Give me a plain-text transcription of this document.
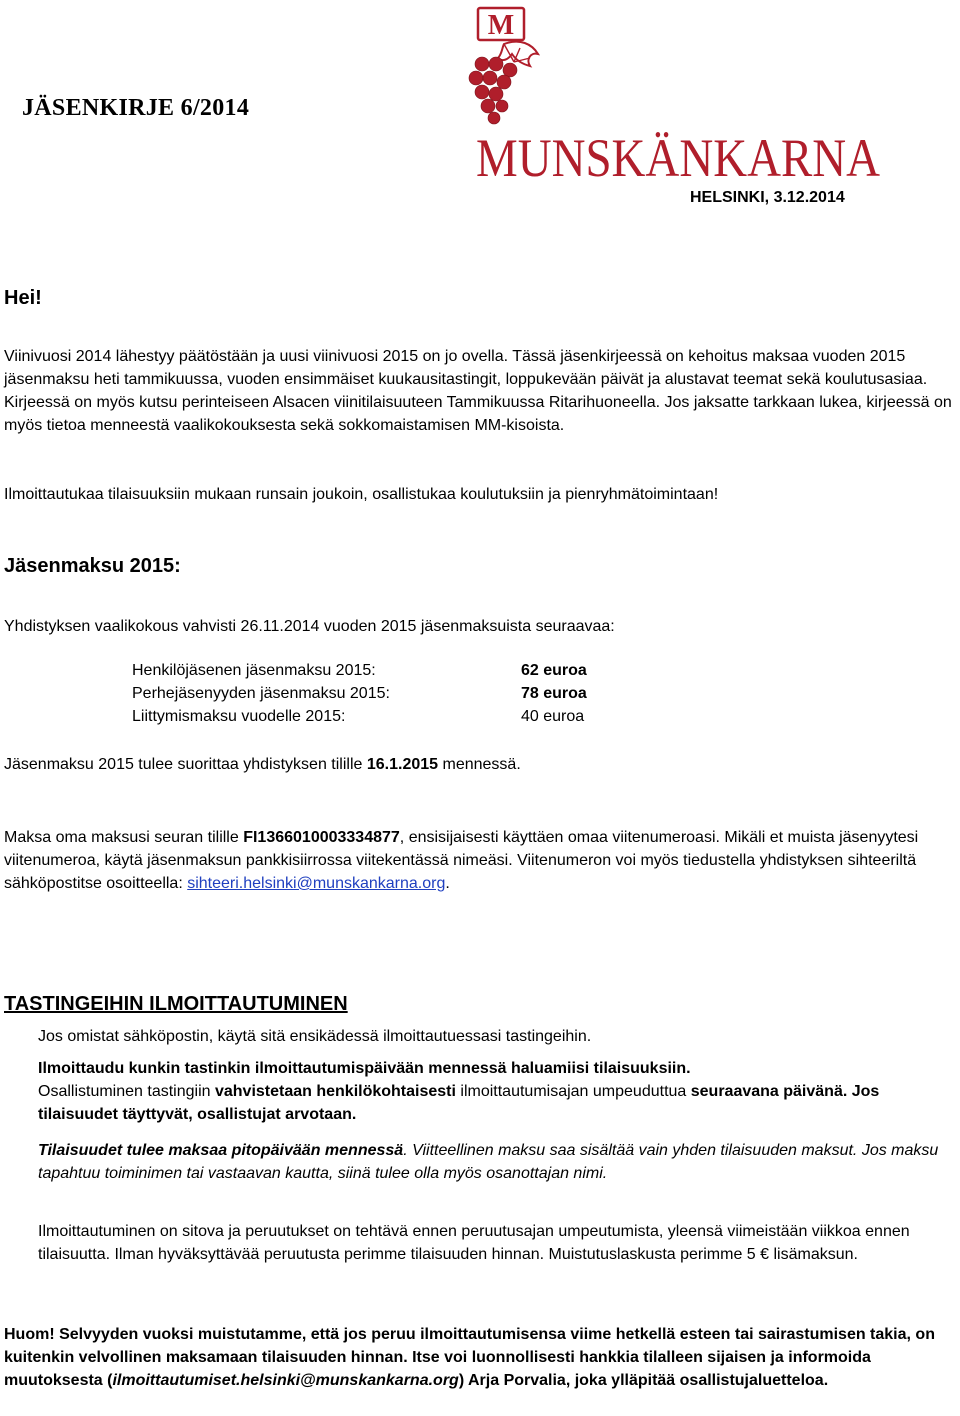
JÄSENKIRJE 6/2014
M
MUNSKÄNKARNA
HELSINKI, 3.12.2014
Hei!

Viinivuosi 2014 lähestyy päätöstään ja uusi viinivuosi 2015 on jo ovella. Tässä jäsenkirjeessä on kehoitus maksaa vuoden 2015 jäsenmaksu heti tammikuussa, vuoden ensimmäiset kuukausitastingit, loppukevään päivät ja alustavat teemat sekä koulutusasiaa. Kirjeessä on myös kutsu perinteiseen Alsacen viinitilaisuuteen Tammikuussa Ritarihuoneella. Jos jaksatte tarkkaan lukea, kirjeessä on myös tietoa menneestä vaalikokouksesta sekä sokkomaistamisen MM-kisoista.

Ilmoittautukaa tilaisuuksiin mukaan runsain joukoin, osallistukaa koulutuksiin ja pienryhmätoimintaan!

Jäsenmaksu 2015:

Yhdistyksen vaalikokous vahvisti 26.11.2014 vuoden 2015 jäsenmaksuista seuraavaa:

Henkilöjäsenen jäsenmaksu 2015:	62 euroa
Perhejäsenyyden jäsenmaksu 2015:	78 euroa
Liittymismaksu vuodelle 2015:	40 euroa

Jäsenmaksu 2015 tulee suorittaa yhdistyksen tilille 16.1.2015 mennessä.

Maksa oma maksusi seuran tilille FI1366010003334877, ensisijaisesti käyttäen omaa viitenumeroasi. Mikäli et muista jäsenyytesi viitenumeroa, käytä jäsenmaksun pankkisiirrossa viitekentässä nimeäsi. Viitenumeron voi myös tiedustella yhdistyksen sihteeriltä sähköpostitse osoitteella: sihteeri.helsinki@munskankarna.org.

TASTINGEIHIN ILMOITTAUTUMINEN

Jos omistat sähköpostin, käytä sitä ensikädessä ilmoittautuessasi tastingeihin.

Ilmoittaudu kunkin tastinkin ilmoittautumispäivään mennessä haluamiisi tilaisuuksiin.
Osallistuminen tastingiin vahvistetaan henkilökohtaisesti ilmoittautumisajan umpeuduttua seuraavana päivänä. Jos tilaisuudet täyttyvät, osallistujat arvotaan.

Tilaisuudet tulee maksaa pitopäivään mennessä. Viitteellinen maksu saa sisältää vain yhden tilaisuuden maksut. Jos maksu tapahtuu toiminimen tai vastaavan kautta, siinä tulee olla myös osanottajan nimi.

Ilmoittautuminen on sitova ja peruutukset on tehtävä ennen peruutusajan umpeutumista, yleensä viimeistään viikkoa ennen tilaisuutta. Ilman hyväksyttävää peruutusta perimme tilaisuuden hinnan. Muistutuslaskusta perimme 5 € lisämaksun.

Huom! Selvyyden vuoksi muistutamme, että jos peruu ilmoittautumisensa viime hetkellä esteen tai sairastumisen takia, on kuitenkin velvollinen maksamaan tilaisuuden hinnan. Itse voi luonnollisesti hankkia tilalleen sijaisen ja informoida muutoksesta (ilmoittautumiset.helsinki@munskankarna.org) Arja Porvalia, joka ylläpitää osallistujaluetteloa.
